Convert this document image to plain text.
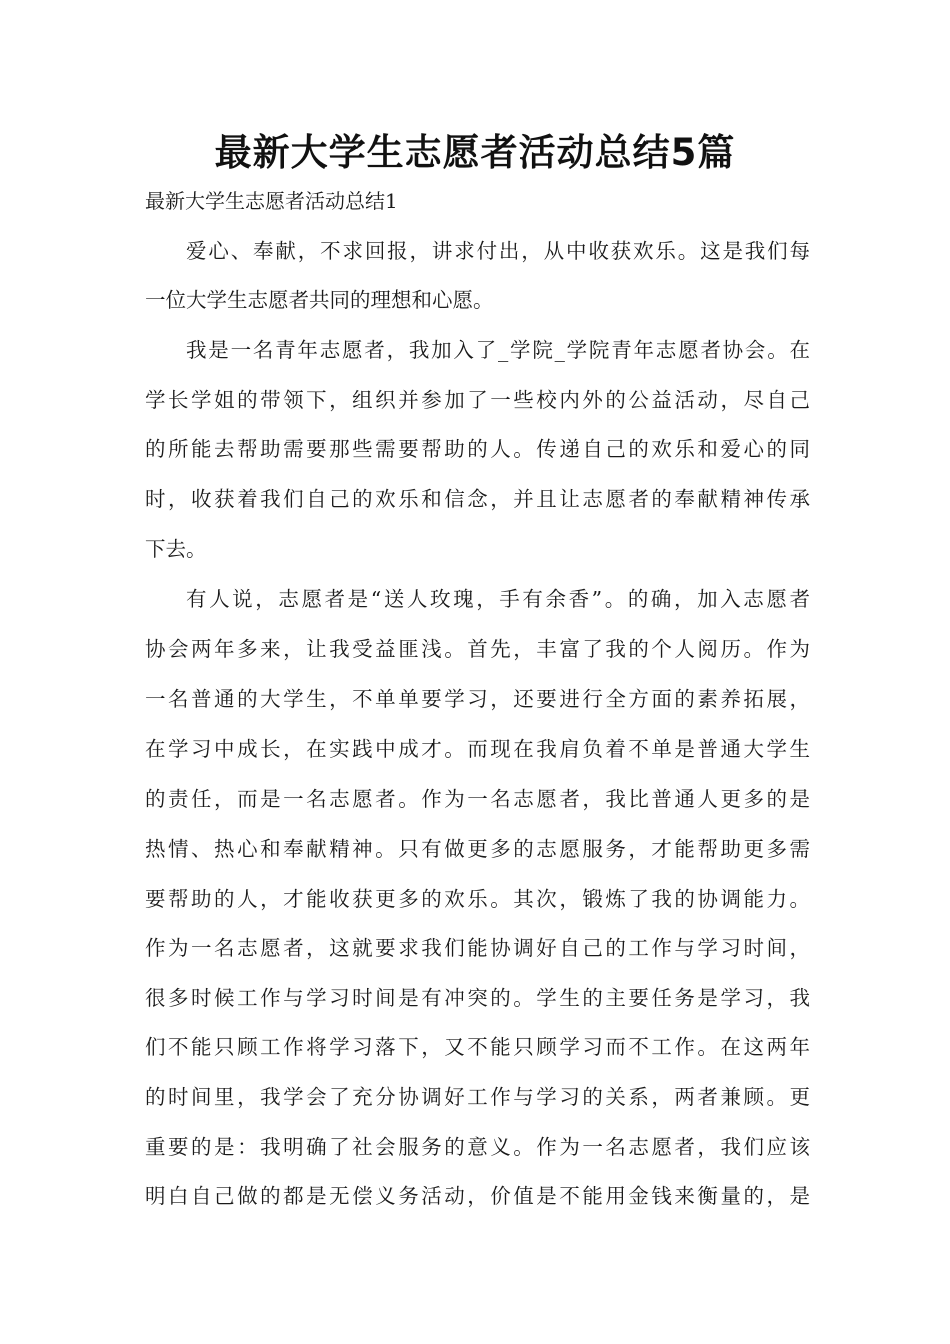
最新大学生志愿者活动总结5篇

最新大学生志愿者活动总结1

爱心、奉献，不求回报，讲求付出，从中收获欢乐。这是我们每

一位大学生志愿者共同的理想和心愿。

我是一名青年志愿者，我加入了_学院_学院青年志愿者协会。在

学长学姐的带领下，组织并参加了一些校内外的公益活动，尽自己

的所能去帮助需要那些需要帮助的人。传递自己的欢乐和爱心的同

时，收获着我们自己的欢乐和信念，并且让志愿者的奉献精神传承

下去。

有人说，志愿者是“送人玫瑰，手有余香”。的确，加入志愿者

协会两年多来，让我受益匪浅。首先，丰富了我的个人阅历。作为

一名普通的大学生，不单单要学习，还要进行全方面的素养拓展，

在学习中成长，在实践中成才。而现在我肩负着不单是普通大学生

的责任，而是一名志愿者。作为一名志愿者，我比普通人更多的是

热情、热心和奉献精神。只有做更多的志愿服务，才能帮助更多需

要帮助的人，才能收获更多的欢乐。其次，锻炼了我的协调能力。

作为一名志愿者，这就要求我们能协调好自己的工作与学习时间，

很多时候工作与学习时间是有冲突的。学生的主要任务是学习，我

们不能只顾工作将学习落下，又不能只顾学习而不工作。在这两年

的时间里，我学会了充分协调好工作与学习的关系，两者兼顾。更

重要的是：我明确了社会服务的意义。作为一名志愿者，我们应该

明白自己做的都是无偿义务活动，价值是不能用金钱来衡量的，是
